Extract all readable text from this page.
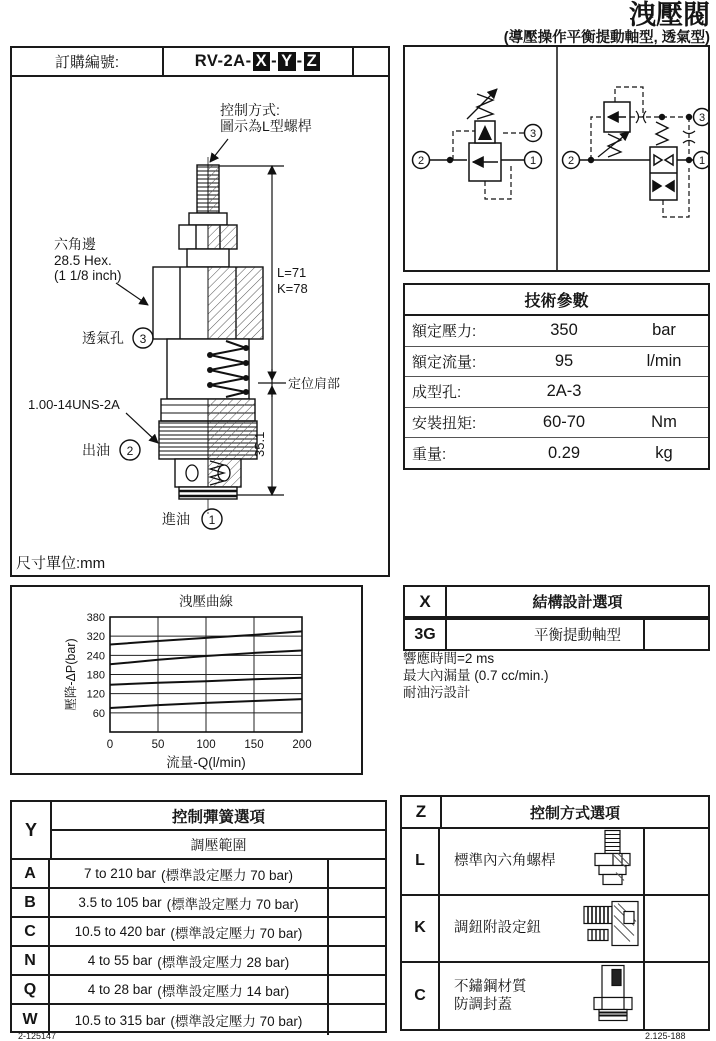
洩壓閥
(導壓操作平衡提動軸型, 透氣型)
訂購編號:	RV-2A- X - Y - Z
L=71
K=78
定位肩部
35.1
控制方式:
圖示為L型螺桿
六角邊
28.5 Hex.
(1 1/8 inch)
透氣孔 3
1.00-14UNS-2A
出油 2
進油 1
尺寸單位:mm
2
3
1	2
3
1
技術參數
額定壓力:	350	bar
額定流量:	95	l/min
成型孔:	2A-3
安裝扭矩:	60-70	Nm
重量:	0.29	kg
洩壓曲線
60
120
180
240
320
380
0	50	100	150	200
壓降-ΔP(bar)
流量-Q(l/min)
X	結構設計選項
3G	平衡提動軸型
響應時間=2 ms
最大內漏量 (0.7 cc/min.)
耐油污設計
Y
控制彈簧選項
調壓範圍
A	7 to 210 bar (標準設定壓力 70 bar)
B	3.5 to 105 bar (標準設定壓力 70 bar)
C	10.5 to 420 bar (標準設定壓力 70 bar)
N	4 to 55 bar (標準設定壓力 28 bar)
Q	4 to 28 bar (標準設定壓力 14 bar)
W	10.5 to 315 bar (標準設定壓力 70 bar)
Z	控制方式選項
L	標準內六角螺桿
K	調鈕附設定鈕
C	不鏽鋼材質
防調封蓋
2-125147	2.125-188
